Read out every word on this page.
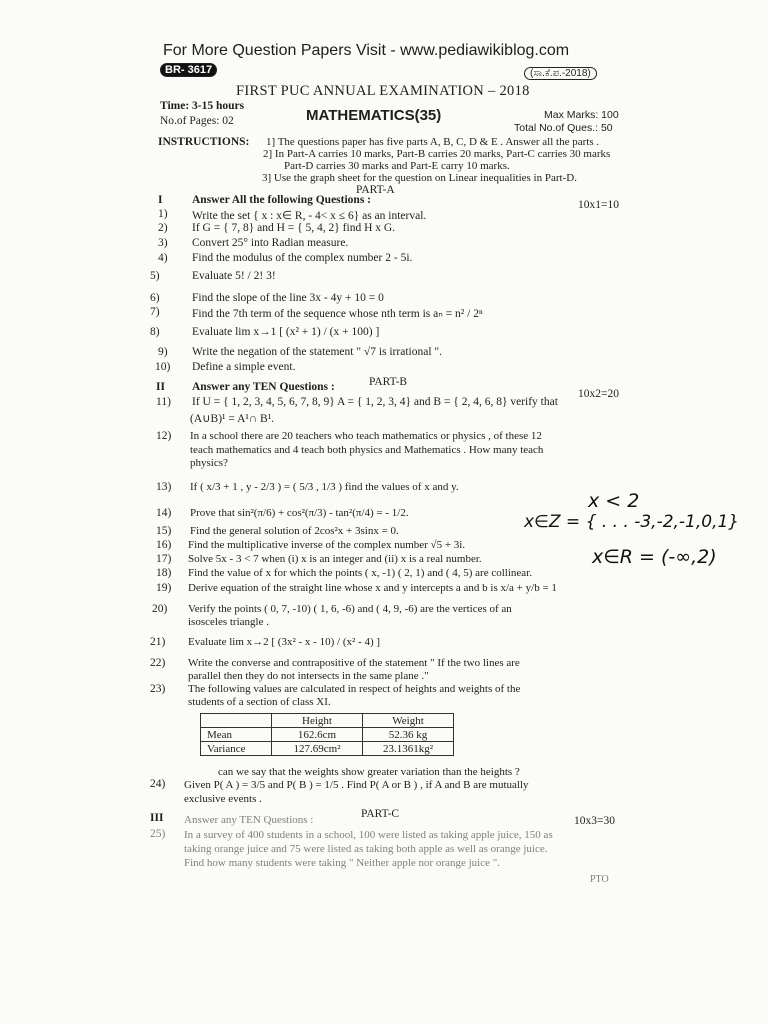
For More Question Papers Visit - www.pediawikiblog.com
BR- 3617	(ಸಾ.ಕೆ.ಪ.-2018)
FIRST PUC ANNUAL EXAMINATION – 2018
Time: 3-15 hours
No.of Pages: 02	MATHEMATICS(35)	Max Marks: 100
Total No.of Ques.: 50
INSTRUCTIONS: 1] The questions paper has five parts A, B, C, D & E . Answer all the parts .
2] In Part-A carries 10 marks, Part-B carries 20 marks, Part-C carries 30 marks
Part-D carries 30 marks and Part-E carry 10 marks.
3] Use the graph sheet for the question on Linear inequalities in Part-D.
PART-A
I	Answer All the following Questions :	10x1=10
1) Write the set { x : x∈ R, - 4< x ≤ 6} as an interval.
2) If G = { 7, 8} and H = { 5, 4, 2} find H x G.
3) Convert 25° into Radian measure.
4) Find the modulus of the complex number 2 - 5i.
5)	Evaluate 5! / 2! 3!
6)	Find the slope of the line 3x - 4y + 10 = 0
7)	Find the 7th term of the sequence whose nth term is aₙ = n² / 2ⁿ
8)	Evaluate lim x→1 [ (x² + 1) / (x + 100) ]
9) Write the negation of the statement " √7 is irrational ".
10) Define a simple event.
PART-B
II Answer any TEN Questions :
10x2=20
11) If U = { 1, 2, 3, 4, 5, 6, 7, 8, 9} A = { 1, 2, 3, 4} and B = { 2, 4, 6, 8} verify that
(A∪B)¹ = A¹∩ B¹.
12) In a school there are 20 teachers who teach mathematics or physics , of these 12
teach mathematics and 4 teach both physics and Mathematics . How many teach
physics?
13) If ( x/3 + 1 , y - 2/3 ) = ( 5/3 , 1/3 ) find the values of x and y.
14) Prove that sin²(π/6) + cos²(π/3) - tan²(π/4) = - 1/2.
15) Find the general solution of 2cos²x + 3sinx = 0.
16) Find the multiplicative inverse of the complex number √5 + 3i.
17) Solve 5x - 3 < 7 when (i) x is an integer and (ii) x is a real number.
18) Find the value of x for which the points ( x, -1) ( 2, 1) and ( 4, 5) are collinear.
19) Derive equation of the straight line whose x and y intercepts a and b is x/a + y/b = 1
20) Verify the points ( 0, 7, -10) ( 1, 6, -6) and ( 4, 9, -6) are the vertices of an
isosceles triangle .
21) Evaluate lim x→2 [ (3x² - x - 10) / (x² - 4) ]
22) Write the converse and contrapositive of the statement " If the two lines are
parallel then they do not intersects in the same plane ."
23) The following values are calculated in respect of heights and weights of the
students of a section of class XI.
	Height	Weight
Mean	162.6cm	52.36 kg
Variance	127.69cm²	23.1361kg²
can we say that the weights show greater variation than the heights ?
24) Given P( A ) = 3/5 and P( B ) = 1/5 . Find P( A or B ) , if A and B are mutually
exclusive events .
PART-C
III Answer any TEN Questions :	10x3=30
25) In a survey of 400 students in a school, 100 were listed as taking apple juice, 150 as
taking orange juice and 75 were listed as taking both apple as well as orange juice.
Find how many students were taking " Neither apple nor orange juice ".
PTO
x < 2
x∈Z = { . . . -3,-2,-1,0,1}
x∈R = (-∞,2)
